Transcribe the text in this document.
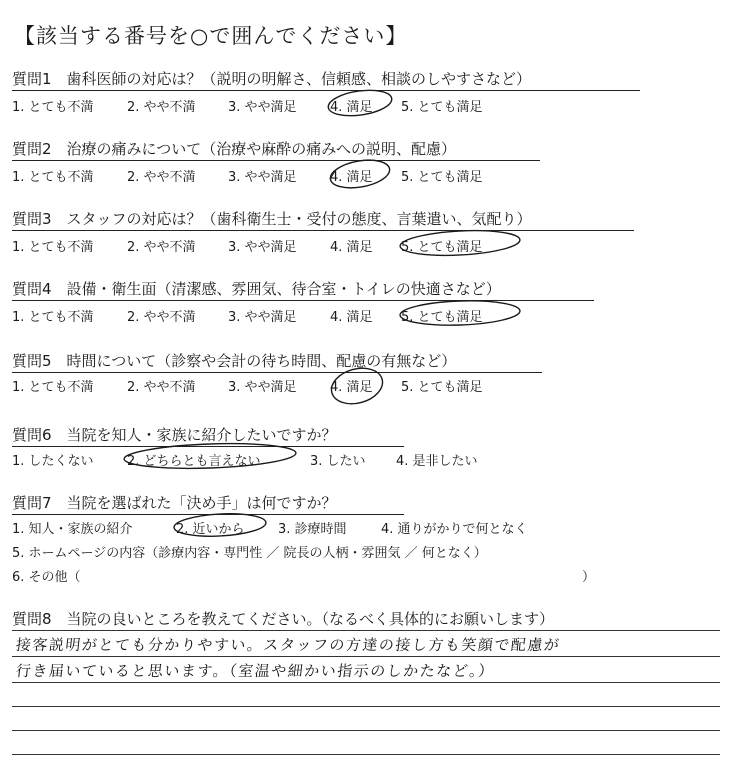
【該当する番号を○で囲んでください】
質問1　歯科医師の対応は？（説明の明解さ、信頼感、相談のしやすさなど）
1. とても不満	2. やや不満 3. やや満足	4. 満足 5. とても満足
質問2　治療の痛みについて（治療や麻酔の痛みへの説明、配慮）
1. とても不満	2. やや不満 3. やや満足	4. 満足 5. とても満足
質問3　スタッフの対応は？（歯科衛生士・受付の態度、言葉遣い、気配り）
1. とても不満	2. やや不満 3. やや満足	4. 満足 5. とても満足
質問4　設備・衛生面（清潔感、雰囲気、待合室・トイレの快適さなど）
1. とても不満	2. やや不満 3. やや満足	4. 満足 5. とても満足
質問5　時間について（診察や会計の待ち時間、配慮の有無など）
1. とても不満	2. やや不満 3. やや満足	4. 満足 5. とても満足
質問6　当院を知人・家族に紹介したいですか？
1. したくない	2. どちらとも言えない	3. したい 4. 是非したい
質問7　当院を選ばれた「決め手」は何ですか？
1. 知人・家族の紹介	2. 近いから	3. 診療時間	4. 通りがかりで何となく
5. ホームページの内容（診療内容・専門性 ／ 院長の人柄・雰囲気 ／ 何となく）
6. その他（	）
質問8　当院の良いところを教えてください。（なるべく具体的にお願いします）
接客説明がとても分かりやすい。スタッフの方達の接し方も笑顔で配慮が
行き届いていると思います。（室温や細かい指示のしかたなど。）
